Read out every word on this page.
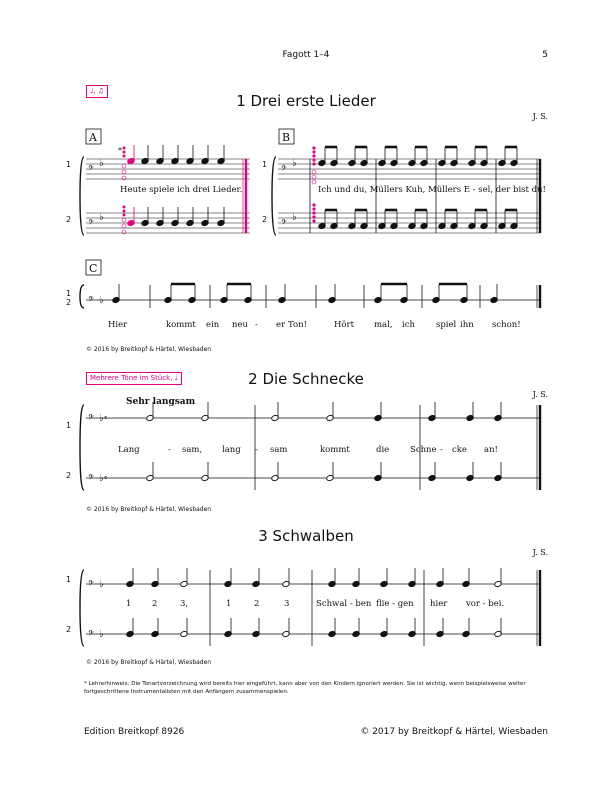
Fagott 1–4	5
♩, ♫
1 Drei erste Lieder
J. S.
© 2016 by Breitkopf & Härtel, Wiesbaden
Mehrere Töne im Stück, ♩	2 Die Schnecke
J. S.
Sehr langsam
© 2016 by Breitkopf & Härtel, Wiesbaden
3 Schwalben
J. S.
© 2016 by Breitkopf & Härtel, Wiesbaden
* Lehrerhinweis: Die Tonartvorzeichnung wird bereits hier eingeführt, kann aber von den Kindern ignoriert werden. Sie ist wichtig, wenn beispielsweise weiter fortgeschrittene Instrumentalisten mit den Anfängern zusammenspielen.
Edition Breitkopf 8926	© 2017 by Breitkopf & Härtel, Wiesbaden
𝄢
♭
𝄢
♭
𝄢
♭
𝄢
♭
𝄢 ♭
𝄢 ♭
𝄢 ♭
𝄴
𝄴
𝄢 ♭
𝄢 ♭
*
A	B
C
1
2
1
2
1
2
1
2
1
2
Heute spiele ich drei Lieder.	Ich und du, Müllers Kuh, Müllers E - sel, der bist du!
Hier	kommt ein neu - er Ton!	Hört mal, ich spiel ihn schon!
Lang	- sam, lang - sam	kommt	die Schne - cke an!
1 2	3,	1	2	3	Schwal - ben flie - gen hier vor - bei.
